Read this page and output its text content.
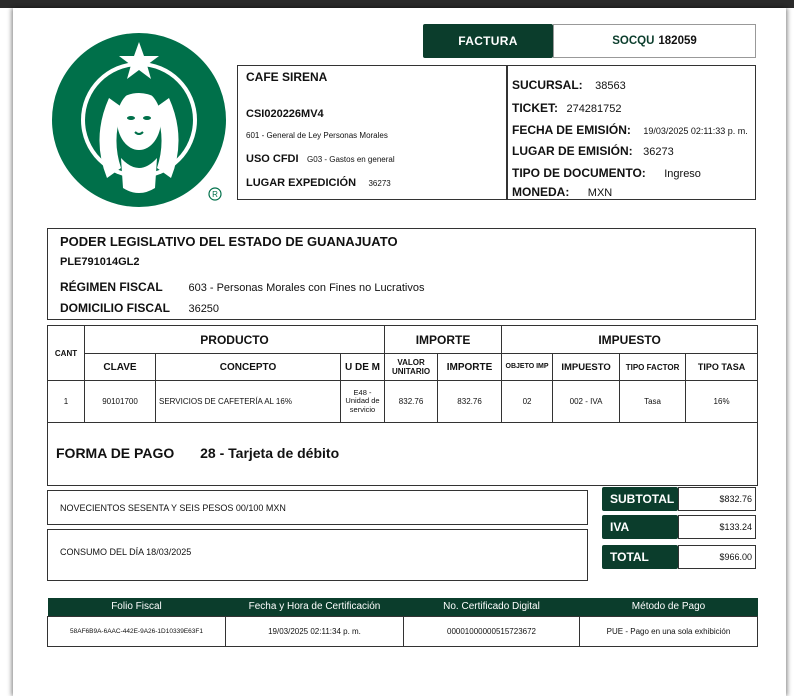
R
FACTURA	SOCQU 182059
CAFE SIRENA
CSI020226MV4
601 - General de Ley Personas Morales
USO CFDI G03 - Gastos en general
LUGAR EXPEDICIÓN 36273
SUCURSAL: 38563
TICKET: 274281752
FECHA DE EMISIÓN: 19/03/2025 02:11:33 p. m.
LUGAR DE EMISIÓN: 36273
TIPO DE DOCUMENTO: Ingreso
MONEDA: MXN
PODER LEGISLATIVO DEL ESTADO DE GUANAJUATO
PLE791014GL2
RÉGIMEN FISCAL 603 - Personas Morales con Fines no Lucrativos
DOMICILIO FISCAL 36250
CANT	PRODUCTO			IMPORTE		IMPUESTO			
	CLAVE	CONCEPTO	U DE M	VALOR UNITARIO	IMPORTE	OBJETO IMP	IMPUESTO	TIPO FACTOR	TIPO TASA
1	90101700	SERVICIOS DE CAFETERÍA AL 16%	E48 - Unidad de servicio	832.76	832.76	02	002 - IVA	Tasa	16%
FORMA DE PAGO 28 - Tarjeta de débito
NOVECIENTOS SESENTA Y SEIS PESOS 00/100 MXN
CONSUMO DEL DÍA 18/03/2025
SUBTOTAL	$832.76
IVA	$133.24
TOTAL	$966.00
Folio Fiscal	Fecha y Hora de Certificación	No. Certificado Digital	Método de Pago
58AF6B9A-6AAC-442E-9A26-1D10339E63F1	19/03/2025 02:11:34 p. m.	00001000000515723672	PUE - Pago en una sola exhibición
